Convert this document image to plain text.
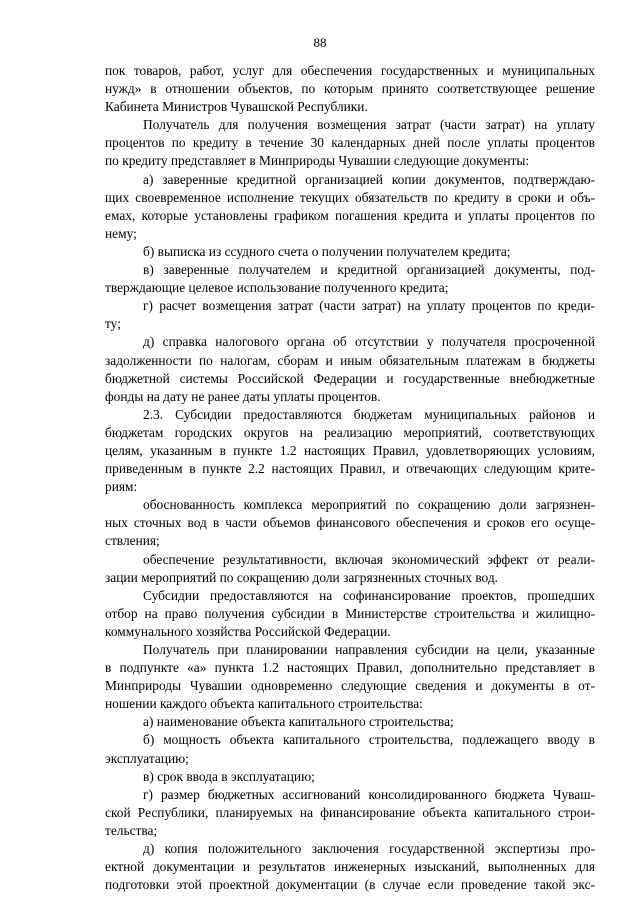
88
пок товаров, работ, услуг для обеспечения государственных и муниципальных
нужд» в отношении объектов, по которым принято соответствующее решение
Кабинета Министров Чувашской Республики.
Получатель для получения возмещения затрат (части затрат) на уплату
процентов по кредиту в течение 30 календарных дней после уплаты процентов
по кредиту представляет в Минприроды Чувашии следующие документы:
а) заверенные кредитной организацией копии документов, подтверждаю-
щих своевременное исполнение текущих обязательств по кредиту в сроки и объ-
емах, которые установлены графиком погашения кредита и уплаты процентов по
нему;
б) выписка из ссудного счета о получении получателем кредита;
в) заверенные получателем и кредитной организацией документы, под-
тверждающие целевое использование полученного кредита;
г) расчет возмещения затрат (части затрат) на уплату процентов по креди-
ту;
д) справка налогового органа об отсутствии у получателя просроченной
задолженности по налогам, сборам и иным обязательным платежам в бюджеты
бюджетной системы Российской Федерации и государственные внебюджетные
фонды на дату не ранее даты уплаты процентов.
2.3. Субсидии предоставляются бюджетам муниципальных районов и
бюджетам городских округов на реализацию мероприятий, соответствующих
целям, указанным в пункте 1.2 настоящих Правил, удовлетворяющих условиям,
приведенным в пункте 2.2 настоящих Правил, и отвечающих следующим крите-
риям:
обоснованность комплекса мероприятий по сокращению доли загрязнен-
ных сточных вод в части объемов финансового обеспечения и сроков его осуще-
ствления;
обеспечение результативности, включая экономический эффект от реали-
зации мероприятий по сокращению доли загрязненных сточных вод.
Субсидии предоставляются на софинансирование проектов, прошедших
отбор на право получения субсидии в Министерстве строительства и жилищно-
коммунального хозяйства Российской Федерации.
Получатель при планировании направления субсидии на цели, указанные
в подпункте «а» пункта 1.2 настоящих Правил, дополнительно представляет в
Минприроды Чувашии одновременно следующие сведения и документы в от-
ношении каждого объекта капитального строительства:
а) наименование объекта капитального строительства;
б) мощность объекта капитального строительства, подлежащего вводу в
эксплуатацию;
в) срок ввода в эксплуатацию;
г) размер бюджетных ассигнований консолидированного бюджета Чуваш-
ской Республики, планируемых на финансирование объекта капитального строи-
тельства;
д) копия положительного заключения государственной экспертизы про-
ектной документации и результатов инженерных изысканий, выполненных для
подготовки этой проектной документации (в случае если проведение такой экс-
